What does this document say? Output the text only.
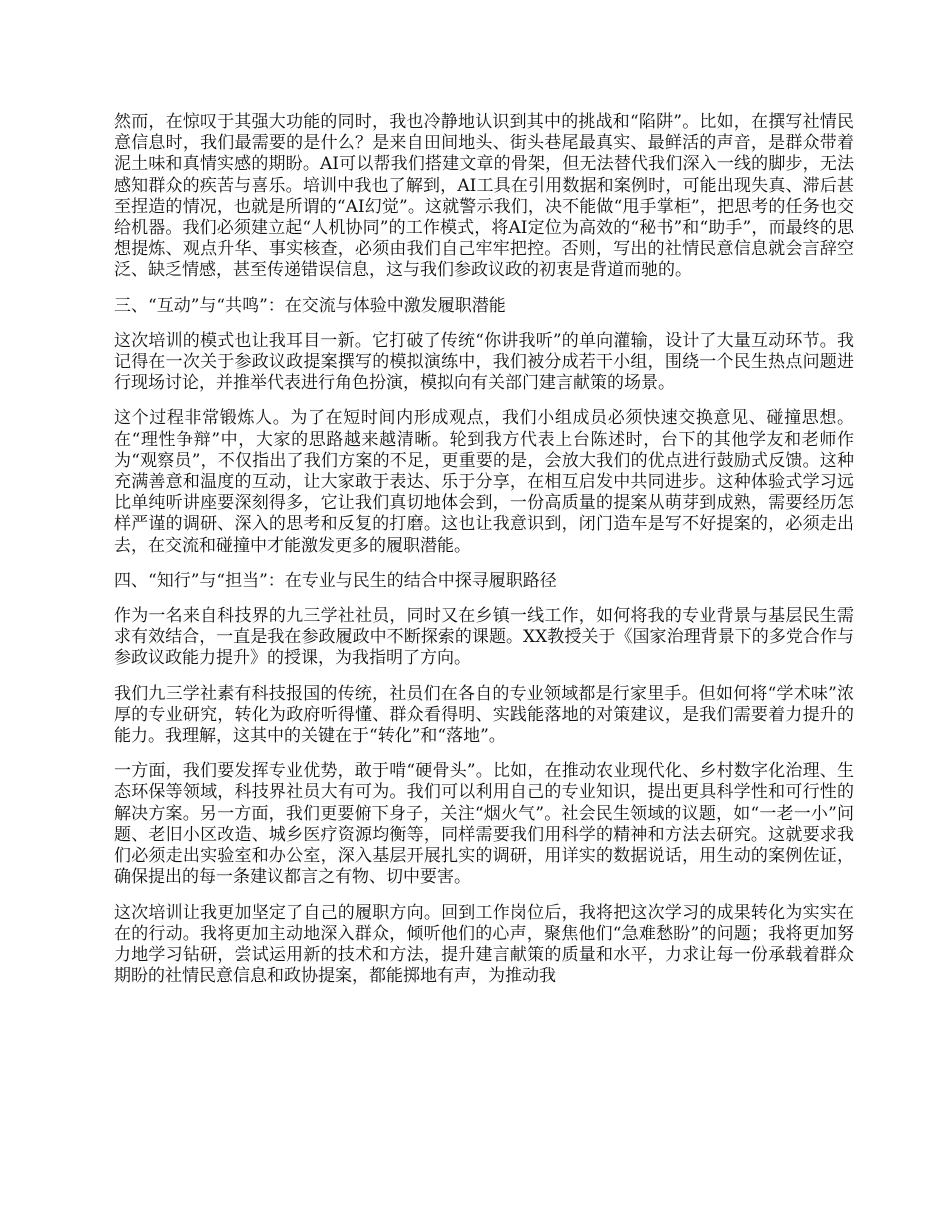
然而，在惊叹于其强大功能的同时，我也冷静地认识到其中的挑战和“陷阱”。比如，在撰写社情民意信息时，我们最需要的是什么？是来自田间地头、街头巷尾最真实、最鲜活的声音，是群众带着泥土味和真情实感的期盼。AI可以帮我们搭建文章的骨架，但无法替代我们深入一线的脚步，无法感知群众的疾苦与喜乐。培训中我也了解到，AI工具在引用数据和案例时，可能出现失真、滞后甚至捏造的情况，也就是所谓的“AI幻觉”。这就警示我们，决不能做“甩手掌柜”，把思考的任务也交给机器。我们必须建立起“人机协同”的工作模式，将AI定位为高效的“秘书”和“助手”，而最终的思想提炼、观点升华、事实核查，必须由我们自己牢牢把控。否则，写出的社情民意信息就会言辞空泛、缺乏情感，甚至传递错误信息，这与我们参政议政的初衷是背道而驰的。

三、“互动”与“共鸣”：在交流与体验中激发履职潜能

这次培训的模式也让我耳目一新。它打破了传统“你讲我听”的单向灌输，设计了大量互动环节。我记得在一次关于参政议政提案撰写的模拟演练中，我们被分成若干小组，围绕一个民生热点问题进行现场讨论，并推举代表进行角色扮演，模拟向有关部门建言献策的场景。

这个过程非常锻炼人。为了在短时间内形成观点，我们小组成员必须快速交换意见、碰撞思想。在“理性争辩”中，大家的思路越来越清晰。轮到我方代表上台陈述时，台下的其他学友和老师作为“观察员”，不仅指出了我们方案的不足，更重要的是，会放大我们的优点进行鼓励式反馈。这种充满善意和温度的互动，让大家敢于表达、乐于分享，在相互启发中共同进步。这种体验式学习远比单纯听讲座要深刻得多，它让我们真切地体会到，一份高质量的提案从萌芽到成熟，需要经历怎样严谨的调研、深入的思考和反复的打磨。这也让我意识到，闭门造车是写不好提案的，必须走出去，在交流和碰撞中才能激发更多的履职潜能。

四、“知行”与“担当”：在专业与民生的结合中探寻履职路径

作为一名来自科技界的九三学社社员，同时又在乡镇一线工作，如何将我的专业背景与基层民生需求有效结合，一直是我在参政履政中不断探索的课题。XX教授关于《国家治理背景下的多党合作与参政议政能力提升》的授课，为我指明了方向。

我们九三学社素有科技报国的传统，社员们在各自的专业领域都是行家里手。但如何将“学术味”浓厚的专业研究，转化为政府听得懂、群众看得明、实践能落地的对策建议，是我们需要着力提升的能力。我理解，这其中的关键在于“转化”和“落地”。

一方面，我们要发挥专业优势，敢于啃“硬骨头”。比如，在推动农业现代化、乡村数字化治理、生态环保等领域，科技界社员大有可为。我们可以利用自己的专业知识，提出更具科学性和可行性的解决方案。另一方面，我们更要俯下身子，关注“烟火气”。社会民生领域的议题，如“一老一小”问题、老旧小区改造、城乡医疗资源均衡等，同样需要我们用科学的精神和方法去研究。这就要求我们必须走出实验室和办公室，深入基层开展扎实的调研，用详实的数据说话，用生动的案例佐证，确保提出的每一条建议都言之有物、切中要害。

这次培训让我更加坚定了自己的履职方向。回到工作岗位后，我将把这次学习的成果转化为实实在在的行动。我将更加主动地深入群众，倾听他们的心声，聚焦他们“急难愁盼”的问题；我将更加努力地学习钻研，尝试运用新的技术和方法，提升建言献策的质量和水平，力求让每一份承载着群众期盼的社情民意信息和政协提案，都能掷地有声，为推动我
